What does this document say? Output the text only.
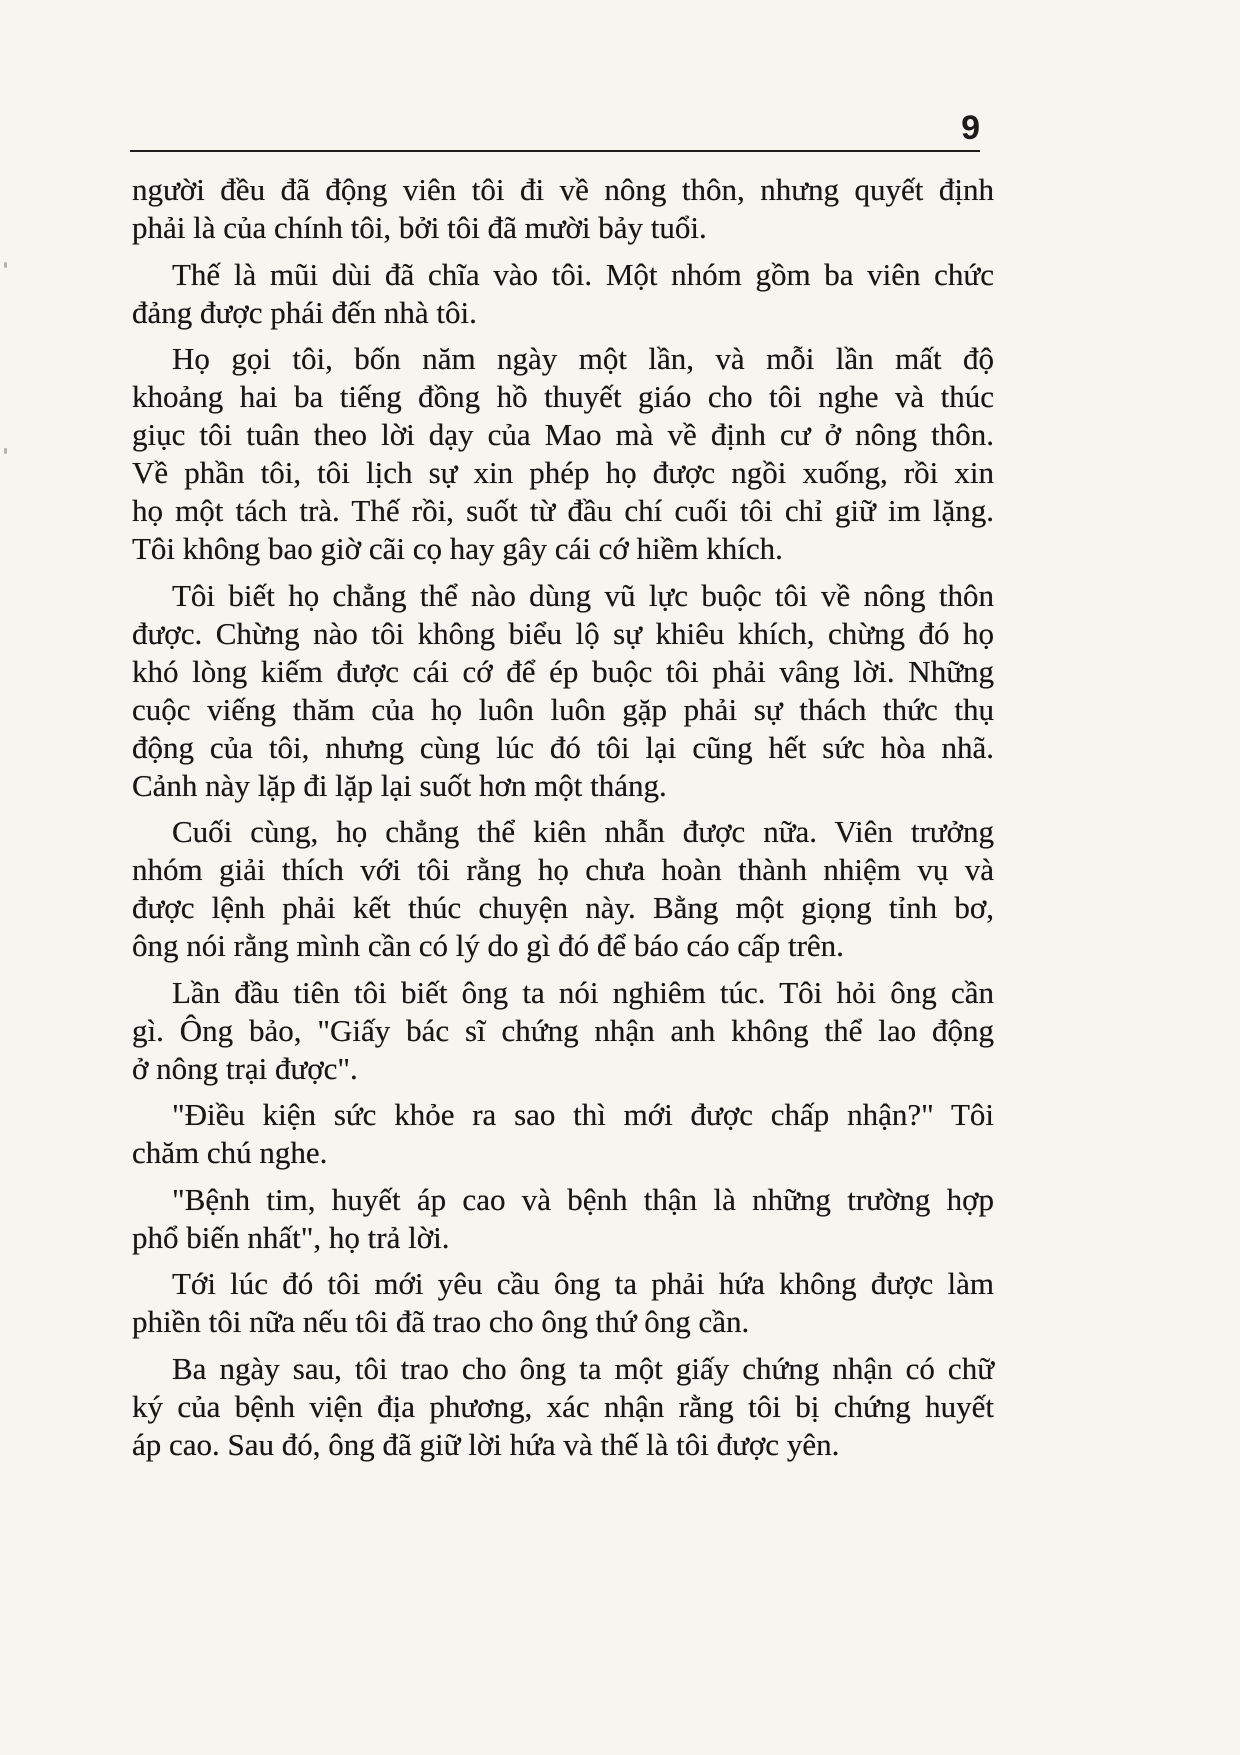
9
người đều đã động viên tôi đi về nông thôn, nhưng quyết định
phải là của chính tôi, bởi tôi đã mười bảy tuổi.
Thế là mũi dùi đã chĩa vào tôi. Một nhóm gồm ba viên chức
đảng được phái đến nhà tôi.
Họ gọi tôi, bốn năm ngày một lần, và mỗi lần mất độ
khoảng hai ba tiếng đồng hồ thuyết giáo cho tôi nghe và thúc
giục tôi tuân theo lời dạy của Mao mà về định cư ở nông thôn.
Về phần tôi, tôi lịch sự xin phép họ được ngồi xuống, rồi xin
họ một tách trà. Thế rồi, suốt từ đầu chí cuối tôi chỉ giữ im lặng.
Tôi không bao giờ cãi cọ hay gây cái cớ hiềm khích.
Tôi biết họ chẳng thể nào dùng vũ lực buộc tôi về nông thôn
được. Chừng nào tôi không biểu lộ sự khiêu khích, chừng đó họ
khó lòng kiếm được cái cớ để ép buộc tôi phải vâng lời. Những
cuộc viếng thăm của họ luôn luôn gặp phải sự thách thức thụ
động của tôi, nhưng cùng lúc đó tôi lại cũng hết sức hòa nhã.
Cảnh này lặp đi lặp lại suốt hơn một tháng.
Cuối cùng, họ chẳng thể kiên nhẫn được nữa. Viên trưởng
nhóm giải thích với tôi rằng họ chưa hoàn thành nhiệm vụ và
được lệnh phải kết thúc chuyện này. Bằng một giọng tỉnh bơ,
ông nói rằng mình cần có lý do gì đó để báo cáo cấp trên.
Lần đầu tiên tôi biết ông ta nói nghiêm túc. Tôi hỏi ông cần
gì. Ông bảo, "Giấy bác sĩ chứng nhận anh không thể lao động
ở nông trại được".
"Điều kiện sức khỏe ra sao thì mới được chấp nhận?" Tôi
chăm chú nghe.
"Bệnh tim, huyết áp cao và bệnh thận là những trường hợp
phổ biến nhất", họ trả lời.
Tới lúc đó tôi mới yêu cầu ông ta phải hứa không được làm
phiền tôi nữa nếu tôi đã trao cho ông thứ ông cần.
Ba ngày sau, tôi trao cho ông ta một giấy chứng nhận có chữ
ký của bệnh viện địa phương, xác nhận rằng tôi bị chứng huyết
áp cao. Sau đó, ông đã giữ lời hứa và thế là tôi được yên.
